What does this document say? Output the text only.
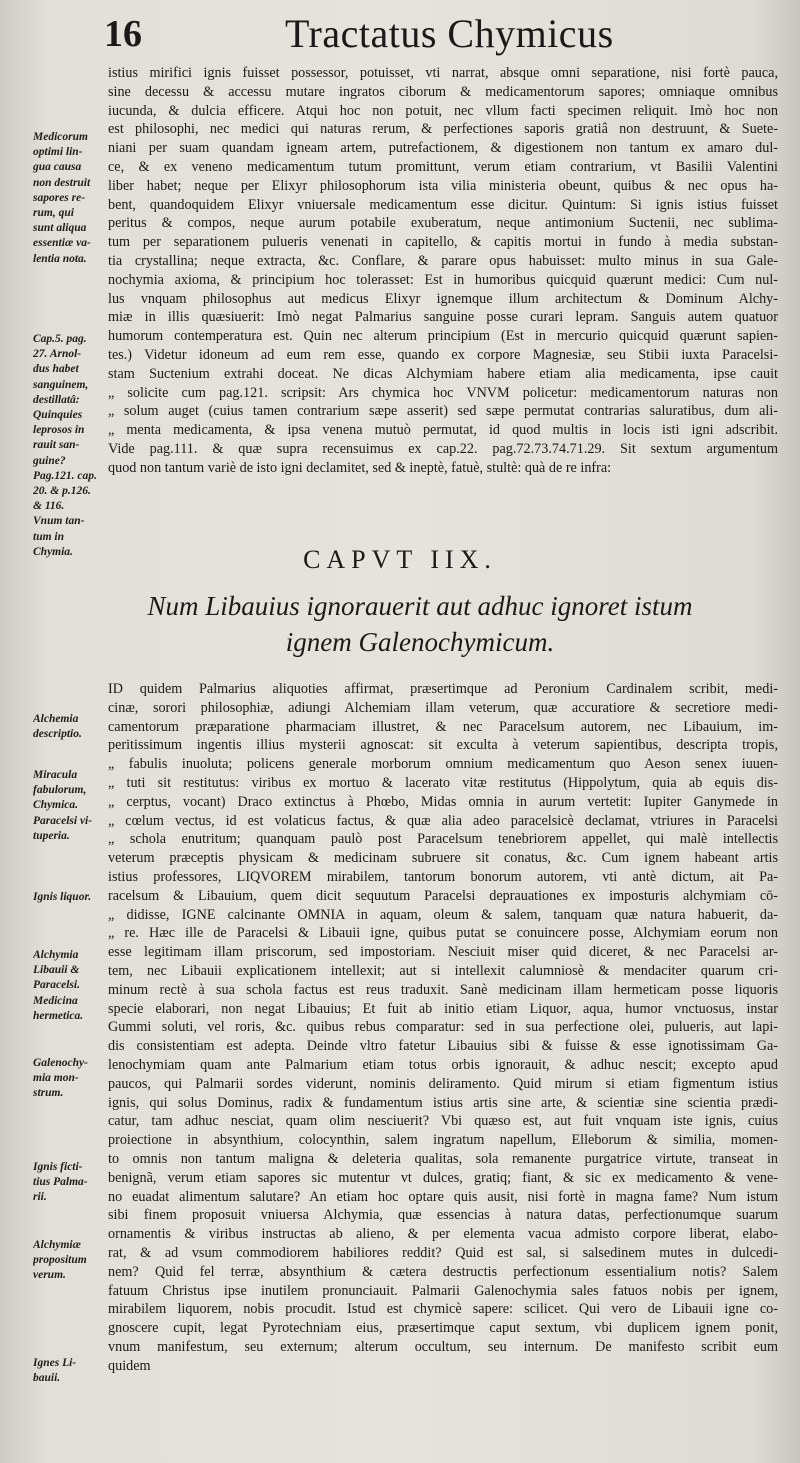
16	Tractatus Chymicus
istius mirifici ignis fuisset possessor, potuisset, vti narrat, absque omni separatione, nisi fortè pauca,
sine decessu & accessu mutare ingratos ciborum & medicamentorum sapores; omniaque omnibus
iucunda, & dulcia efficere. Atqui hoc non potuit, nec vllum facti specimen reliquit. Imò hoc non
est philosophi, nec medici qui naturas rerum, & perfectiones saporis gratiâ non destruunt, & Suete-
niani per suam quandam igneam artem, putrefactionem, & digestionem non tantum ex amaro dul-
ce, & ex veneno medicamentum tutum promittunt, verum etiam contrarium, vt Basilii Valentini
liber habet; neque per Elixyr philosophorum ista vilia ministeria obeunt, quibus & nec opus ha-
bent, quandoquidem Elixyr vniuersale medicamentum esse dicitur. Quintum: Si ignis istius fuisset
peritus & compos, neque aurum potabile exuberatum, neque antimonium Suctenii, nec sublima-
tum per separationem pulueris venenati in capitello, & capitis mortui in fundo à media substan-
tia crystallina; neque extracta, &c. Conflare, & parare opus habuisset: multo minus in sua Gale-
nochymia axioma, & principium hoc tolerasset: Est in humoribus quicquid quærunt medici: Cum nul-
lus vnquam philosophus aut medicus Elixyr ignemque illum architectum & Dominum Alchy-
miæ in illis quæsiuerit: Imò negat Palmarius sanguine posse curari lepram. Sanguis autem quatuor
humorum contemperatura est. Quin nec alterum principium (Est in mercurio quicquid quærunt sapien-
tes.) Videtur idoneum ad eum rem esse, quando ex corpore Magnesiæ, seu Stibii iuxta Paracelsi-
stam Suctenium extrahi doceat. Ne dicas Alchymiam habere etiam alia medicamenta, ipse cauit
„ solicite cum pag.121. scripsit: Ars chymica hoc VNVM policetur: medicamentorum naturas non
„ solum auget (cuius tamen contrarium sæpe asserit) sed sæpe permutat contrarias saluratibus, dum ali-
„ menta medicamenta, & ipsa venena mutuò permutat, id quod multis in locis isti igni adscribit.
Vide pag.111. & quæ supra recensuimus ex cap.22. pag.72.73.74.71.29. Sit sextum argumentum
quod non tantum variè de isto igni declamitet, sed & ineptè, fatuè, stultè: quà de re infra:
CAPVT IIX.
Num Libauius ignorauerit aut adhuc ignoret istum
ignem Galenochymicum.
ID quidem Palmarius aliquoties affirmat, præsertimque ad Peronium Cardinalem scribit, medi-
cinæ, sorori philosophiæ, adiungi Alchemiam illam veterum, quæ accuratiore & secretiore medi-
camentorum præparatione pharmaciam illustret, & nec Paracelsum autorem, nec Libauium, im-
peritissimum ingentis illius mysterii agnoscat: sit exculta à veterum sapientibus, descripta tropis,
„ fabulis inuoluta; policens generale morborum omnium medicamentum quo Aeson senex iuuen-
„ tuti sit restitutus: viribus ex mortuo & lacerato vitæ restitutus (Hippolytum, quia ab equis dis-
„ cerptus, vocant) Draco extinctus à Phœbo, Midas omnia in aurum vertetit: Iupiter Ganymede in
„ cœlum vectus, id est volaticus factus, & quæ alia adeo paracelsicè declamat, vtriures in Paracelsi
„ schola enutritum; quanquam paulò post Paracelsum tenebriorem appellet, qui malè intellectis
veterum præceptis physicam & medicinam subruere sit conatus, &c. Cum ignem habeant artis
istius professores, LIQVOREM mirabilem, tantorum bonorum autorem, vti antè dictum, ait Pa-
racelsum & Libauium, quem dicit sequutum Paracelsi deprauationes ex imposturis alchymiam cō-
„ didisse, IGNE calcinante OMNIA in aquam, oleum & salem, tanquam quæ natura habuerit, da-
„ re. Hæc ille de Paracelsi & Libauii igne, quibus putat se conuincere posse, Alchymiam eorum non
esse legitimam illam priscorum, sed impostoriam. Nesciuit miser quid diceret, & nec Paracelsi ar-
tem, nec Libauii explicationem intellexit; aut si intellexit calumniosè & mendaciter quarum cri-
minum rectè à sua schola factus est reus traduxit. Sanè medicinam illam hermeticam posse liquoris
specie elaborari, non negat Libauius; Et fuit ab initio etiam Liquor, aqua, humor vnctuosus, instar
Gummi soluti, vel roris, &c. quibus rebus comparatur: sed in sua perfectione olei, pulueris, aut lapi-
dis consistentiam est adepta. Deinde vltro fatetur Libauius sibi & fuisse & esse ignotissimam Ga-
lenochymiam quam ante Palmarium etiam totus orbis ignorauit, & adhuc nescit; excepto apud
paucos, qui Palmarii sordes viderunt, nominis deliramento. Quid mirum si etiam figmentum istius
ignis, qui solus Dominus, radix & fundamentum istius artis sine arte, & scientiæ sine scientia prædi-
catur, tam adhuc nesciat, quam olim nesciuerit? Vbi quæso est, aut fuit vnquam iste ignis, cuius
proiectione in absynthium, colocynthin, salem ingratum napellum, Elleborum & similia, momen-
to omnis non tantum maligna & deleteria qualitas, sola remanente purgatrice virtute, transeat in
benignã, verum etiam sapores sic mutentur vt dulces, gratiq; fiant, & sic ex medicamento & vene-
no euadat alimentum salutare? An etiam hoc optare quis ausit, nisi fortè in magna fame? Num istum
sibi finem proposuit vniuersa Alchymia, quæ essencias à natura datas, perfectionumque suarum
ornamentis & viribus instructas ab alieno, & per elementa vacua admisto corpore liberat, elabo-
rat, & ad vsum commodiorem habiliores reddit? Quid est sal, si salsedinem mutes in dulcedi-
nem? Quid fel terræ, absynthium & cætera destructis perfectionum essentialium notis? Salem
fatuum Christus ipse inutilem pronunciauit. Palmarii Galenochymia sales fatuos nobis per ignem,
mirabilem liquorem, nobis procudit. Istud est chymicè sapere: scilicet. Qui vero de Libauii igne co-
gnoscere cupit, legat Pyrotechniam eius, præsertimque caput sextum, vbi duplicem ignem ponit,
vnum manifestum, seu externum; alterum occultum, seu internum. De manifesto scribit eum
quidem
Medicorum
optimi lin-
gua causa
non destruit
sapores re-
rum, qui
sunt aliqua
essentiæ va-
lentia nota.
Cap.5. pag.
27. Arnol-
dus habet
sanguinem,
destillatâ:
Quinquies
leprosos in
rauit san-
guine?
Pag.121. cap.
20. & p.126.
& 116.
Vnum tan-
tum in
Chymia.
Alchemia
descriptio.
Miracula
fabulorum,
Chymica.
Paracelsi vi-
tuperia.
Ignis liquor.
Alchymia
Libauii &
Paracelsi.
Medicina
hermetica.
Galenochy-
mia mon-
strum.
Ignis ficti-
tius Palma-
rii.
Alchymiæ
propositum
verum.
Ignes Li-
bauii.
